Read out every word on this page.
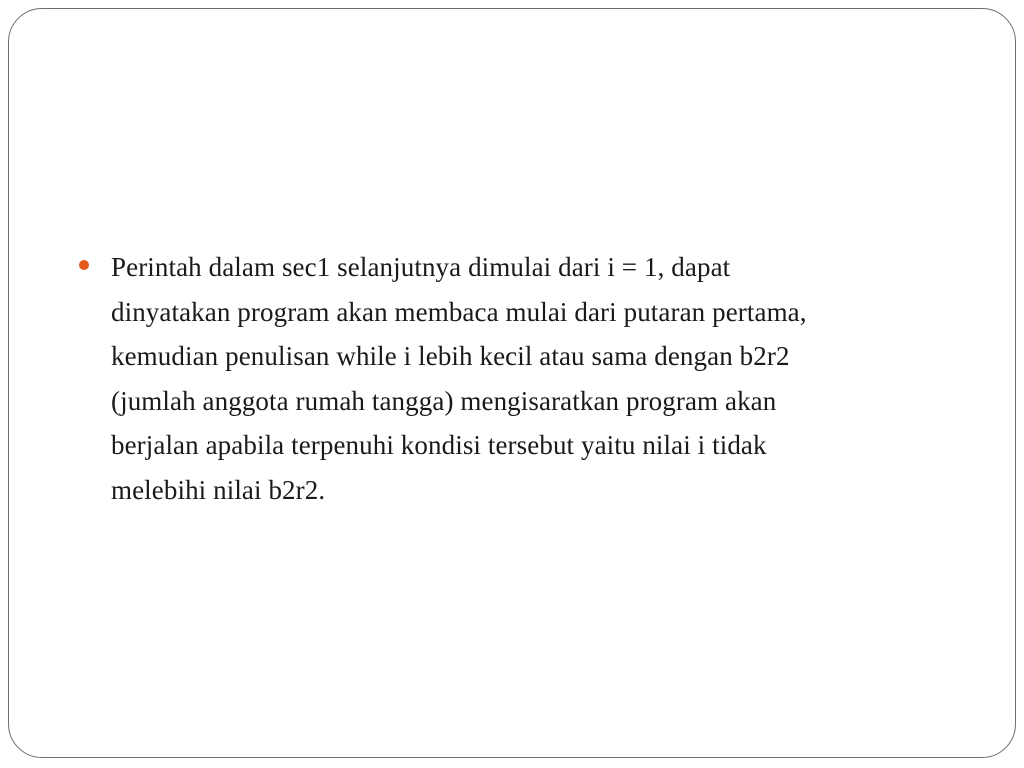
Perintah dalam sec1 selanjutnya dimulai dari i = 1, dapat
dinyatakan program akan membaca mulai dari putaran pertama,
kemudian penulisan while i lebih kecil atau sama dengan b2r2
(jumlah anggota rumah tangga) mengisaratkan program akan
berjalan apabila terpenuhi kondisi tersebut yaitu nilai i tidak
melebihi nilai b2r2.
